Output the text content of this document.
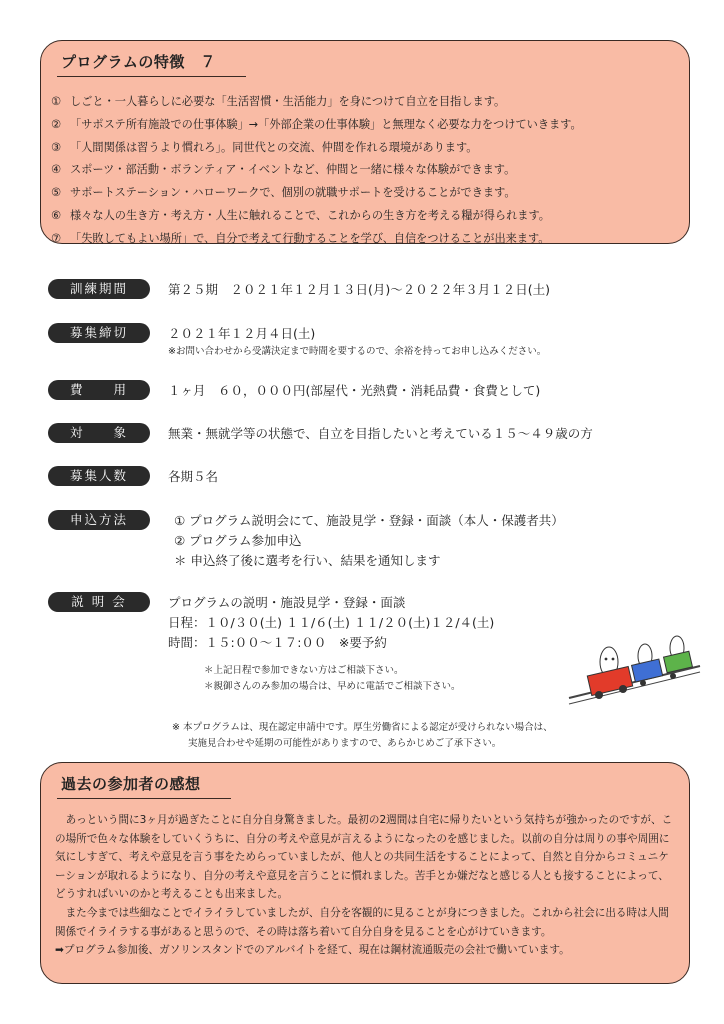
プログラムの特徴　７
① しごと・一人暮らしに必要な「生活習慣・生活能力」を身につけて自立を目指します。
② 「サポステ所有施設での仕事体験」→「外部企業の仕事体験」と無理なく必要な力をつけていきます。
③ 「人間関係は習うより慣れろ」。同世代との交流、仲間を作れる環境があります。
④ スポーツ・部活動・ボランティア・イベントなど、仲間と一緒に様々な体験ができます。
⑤ サポートステーション・ハローワークで、個別の就職サポートを受けることができます。
⑥ 様々な人の生き方・考え方・人生に触れることで、これからの生き方を考える糧が得られます。
⑦ 「失敗してもよい場所」で、自分で考えて行動することを学び、自信をつけることが出来ます。
訓練期間	第２５期　２０２１年１２月１３日(月)～２０２２年３月１２日(土)
募集締切	２０２１年１２月４日(土)
※お問い合わせから受講決定まで時間を要するので、余裕を持ってお申し込みください。
費　　用	１ヶ月　６０，０００円(部屋代・光熱費・消耗品費・食費として)
対　　象	無業・無就学等の状態で、自立を目指したいと考えている１５～４９歳の方
募集人数	各期５名
申込方法	① プログラム説明会にて、施設見学・登録・面談（本人・保護者共）
② プログラム参加申込
＊ 申込終了後に選考を行い、結果を通知します
説 明 会	プログラムの説明・施設見学・登録・面談
日程：１０/３０(土) １１/６(土) １１/２０(土)１２/４(土)
時間：１５:００～１７:００　※要予約
＊上記日程で参加できない方はご相談下さい。
＊親御さんのみ参加の場合は、早めに電話でご相談下さい。
※ 本プログラムは、現在認定申請中です。厚生労働省による認定が受けられない場合は、
実施見合わせや延期の可能性がありますので、あらかじめご了承下さい。
過去の参加者の感想

あっという間に3ヶ月が過ぎたことに自分自身驚きました。最初の2週間は自宅に帰りたいという気持ちが強かったのですが、この場所で色々な体験をしていくうちに、自分の考えや意見が言えるようになったのを感じました。以前の自分は周りの事や周囲に気にしすぎて、考えや意見を言う事をためらっていましたが、他人との共同生活をすることによって、自然と自分からコミュニケーションが取れるようになり、自分の考えや意見を言うことに慣れました。苦手とか嫌だなと感じる人とも接することによって、どうすればいいのかと考えることも出来ました。

また今までは些細なことでイライラしていましたが、自分を客観的に見ることが身につきました。これから社会に出る時は人間関係でイライラする事があると思うので、その時は落ち着いて自分自身を見ることを心がけていきます。

➡プログラム参加後、ガソリンスタンドでのアルバイトを経て、現在は鋼材流通販売の会社で働いています。
